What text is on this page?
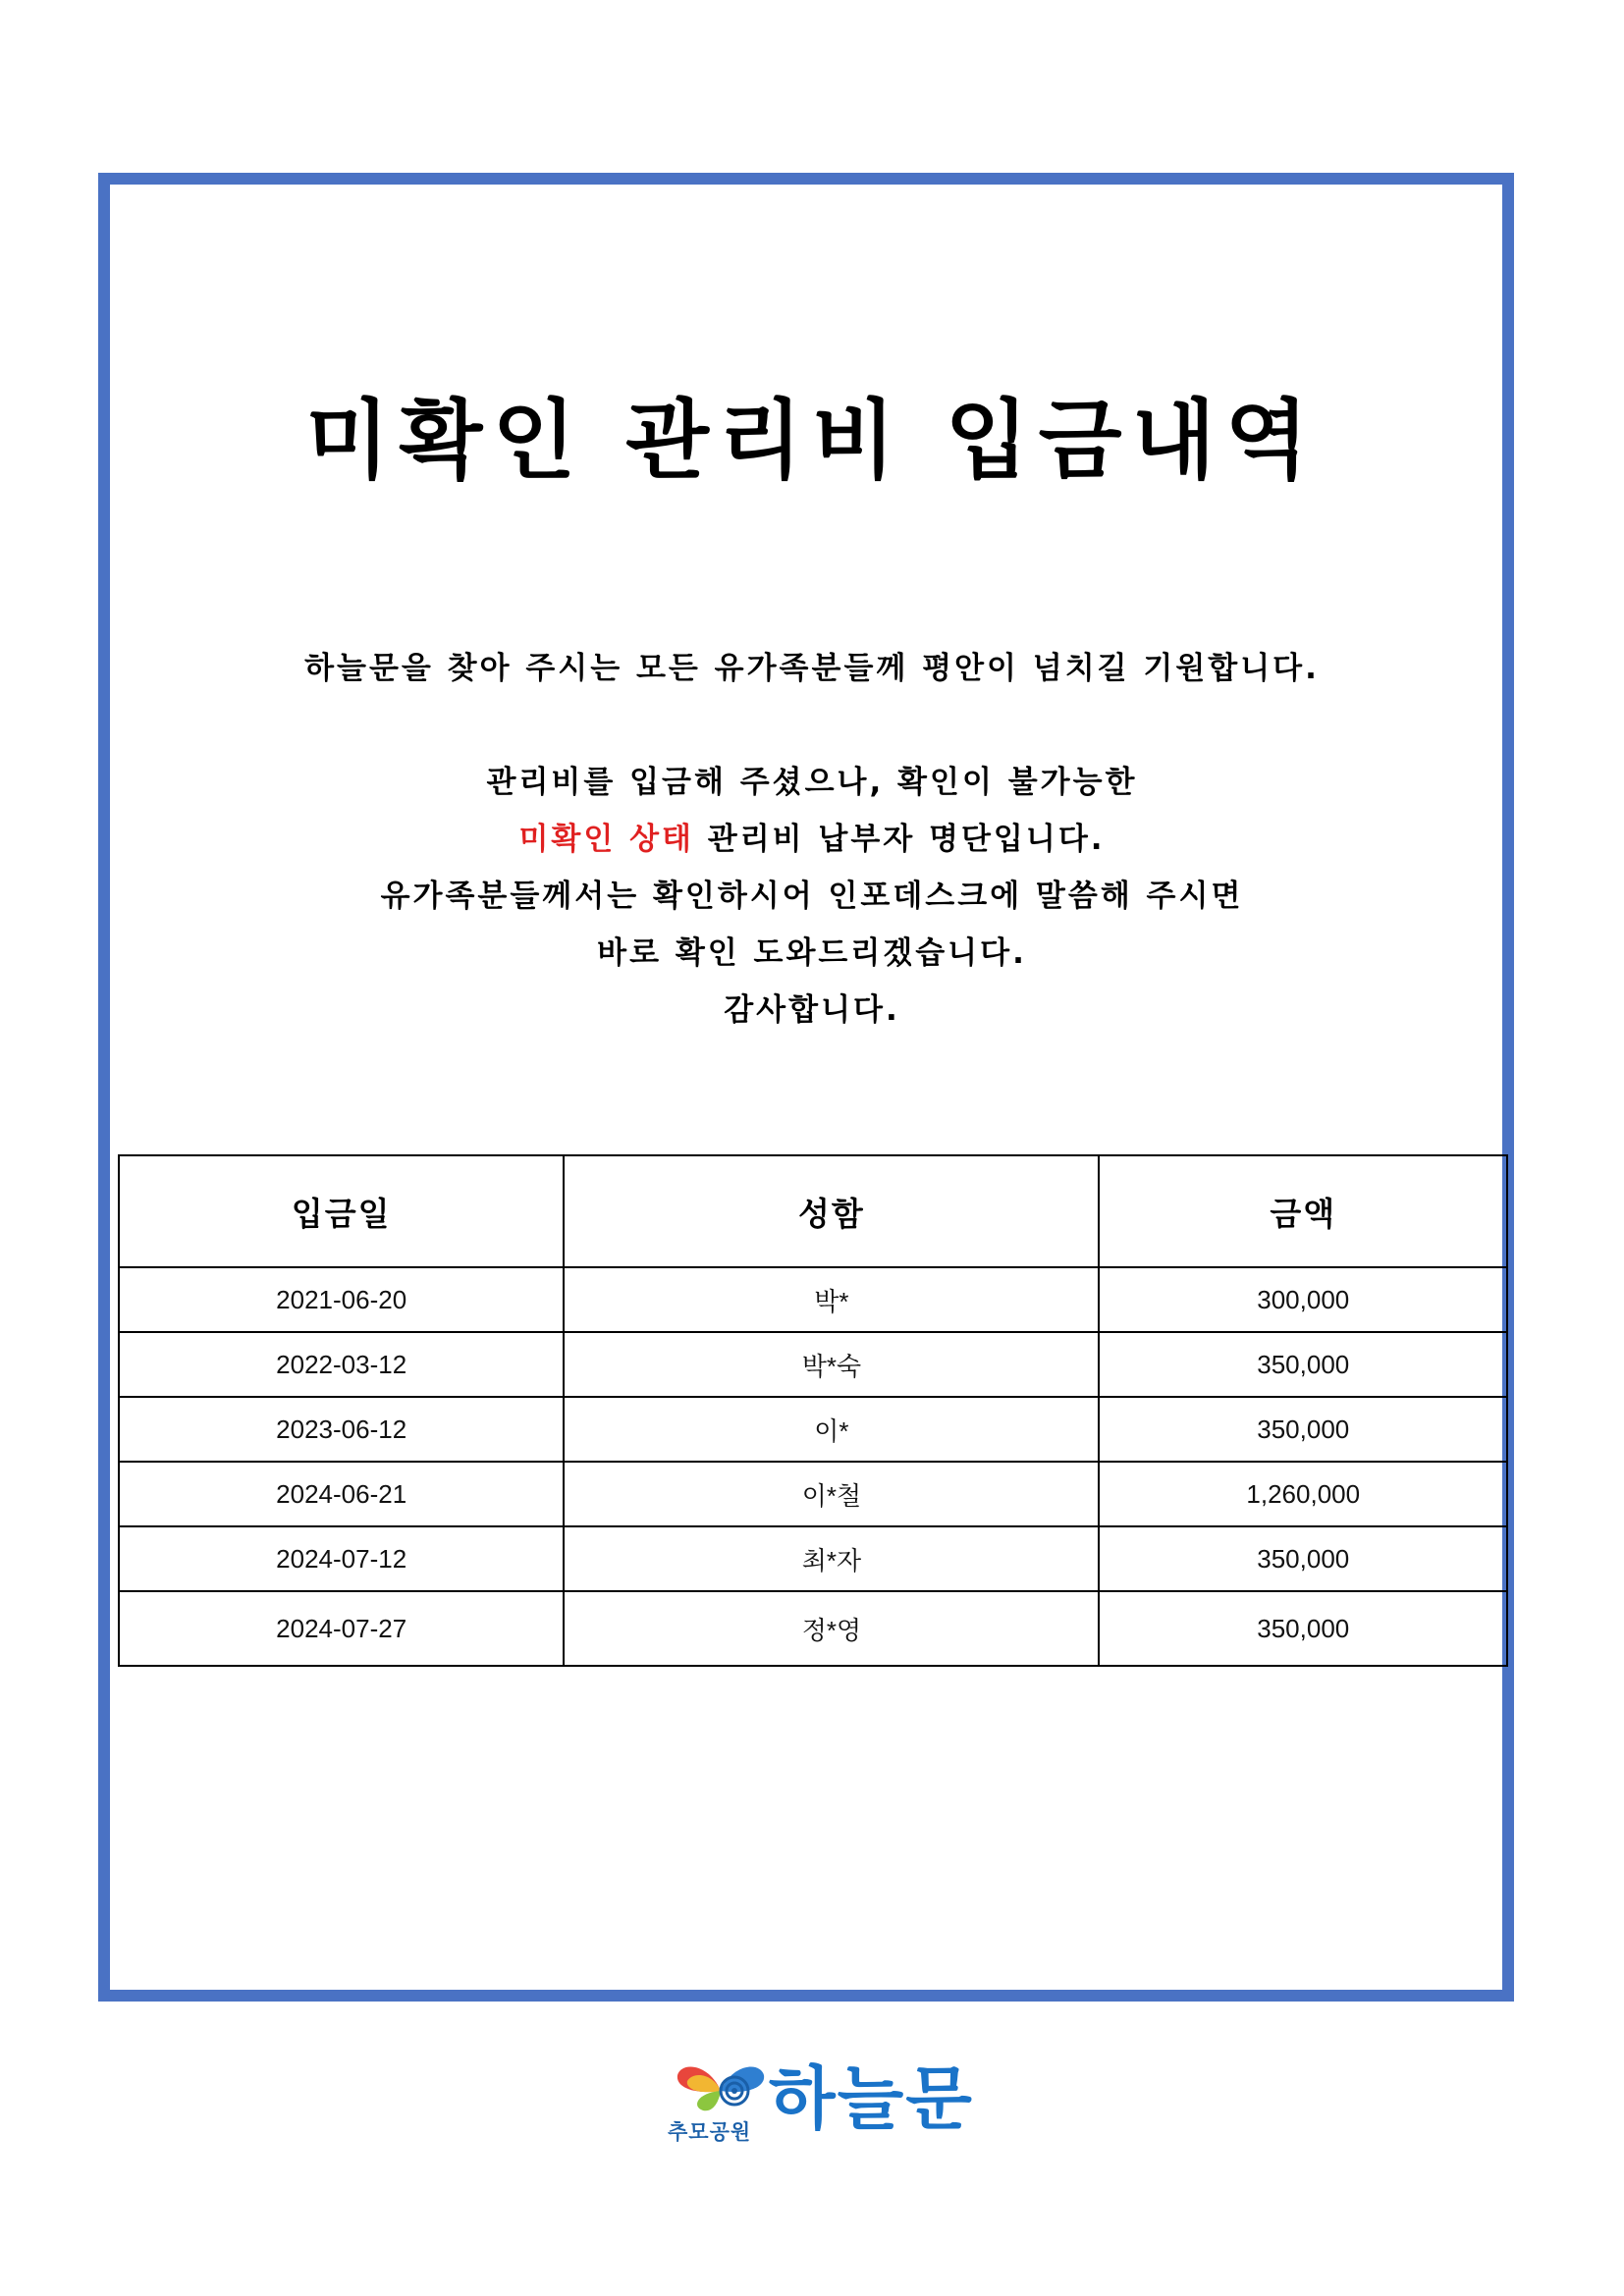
미확인 관리비 입금내역
하늘문을 찾아 주시는 모든 유가족분들께 평안이 넘치길 기원합니다.
관리비를 입금해 주셨으나, 확인이 불가능한
미확인 상태 관리비 납부자 명단입니다.
유가족분들께서는 확인하시어 인포데스크에 말씀해 주시면
바로 확인 도와드리겠습니다.
감사합니다.
입금일	성함	금액
2021-06-20	박*	300,000
2022-03-12	박*숙	350,000
2023-06-12	이*	350,000
2024-06-21	이*철	1,260,000
2024-07-12	최*자	350,000
2024-07-27	정*영	350,000
추모공원 하늘문
